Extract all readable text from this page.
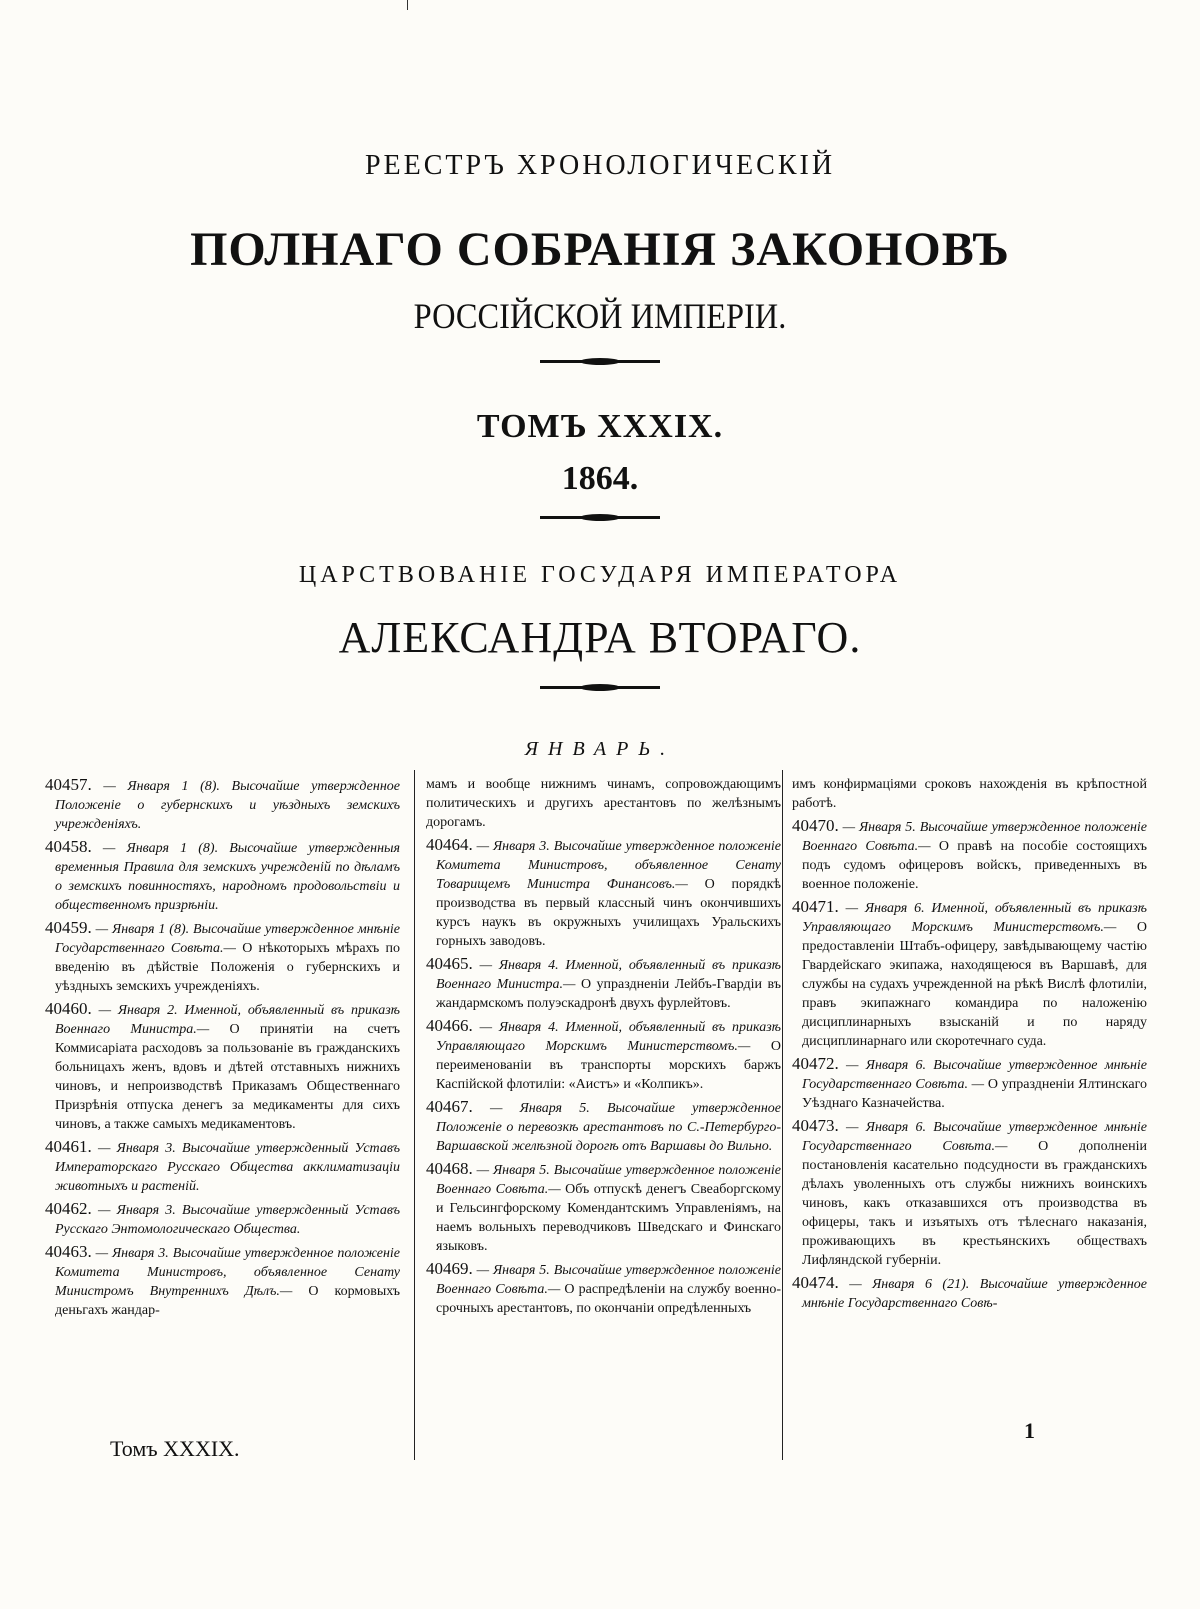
РЕЕСТРЪ ХРОНОЛОГИЧЕСКІЙ
ПОЛНАГО СОБРАНІЯ ЗАКОНОВЪ
РОССІЙСКОЙ ИМПЕРІИ.
ТОМЪ XXXIX.
1864.
ЦАРСТВОВАНІЕ ГОСУДАРЯ ИМПЕРАТОРА
АЛЕКСАНДРА ВТОРАГО.
ЯНВАРЬ.

40457. — Января 1 (8). Высочайше утвержденное Положеніе о губернскихъ и уѣздныхъ земскихъ учрежденіяхъ.

40458. — Января 1 (8). Высочайше утвержденныя временныя Правила для земскихъ учрежденій по дѣламъ о земскихъ повинностяхъ, народномъ продовольствіи и общественномъ призрѣніи.

40459. — Января 1 (8). Высочайше утвержденное мнѣніе Государственнаго Совѣта.— О нѣкоторыхъ мѣрахъ по введенію въ дѣйствіе Положенія о губернскихъ и уѣздныхъ земскихъ учрежденіяхъ.

40460. — Января 2. Именной, объявленный въ приказѣ Военнаго Министра.— О принятіи на счетъ Коммисаріата расходовъ за пользованіе въ гражданскихъ больницахъ женъ, вдовъ и дѣтей отставныхъ нижнихъ чиновъ, и непроизводствѣ Приказамъ Общественнаго Призрѣнія отпуска денегъ за медикаменты для сихъ чиновъ, а также самыхъ медикаментовъ.

40461. — Января 3. Высочайше утвержденный Уставъ Императорскаго Русскаго Общества акклиматизаціи животныхъ и растеній.

40462. — Января 3. Высочайше утвержденный Уставъ Русскаго Энтомологическаго Общества.

40463. — Января 3. Высочайше утвержденное положеніе Комитета Министровъ, объявленное Сенату Министромъ Внутреннихъ Дѣлъ.— О кормовыхъ деньгахъ жандар-

мамъ и вообще нижнимъ чинамъ, сопровождающимъ политическихъ и другихъ арестантовъ по желѣзнымъ дорогамъ.

40464. — Января 3. Высочайше утвержденное положеніе Комитета Министровъ, объявленное Сенату Товарищемъ Министра Финансовъ.— О порядкѣ производства въ первый классный чинъ окончившихъ курсъ наукъ въ окружныхъ училищахъ Уральскихъ горныхъ заводовъ.

40465. — Января 4. Именной, объявленный въ приказѣ Военнаго Министра.— О упраздненіи Лейбъ-Гвардіи въ жандармскомъ полуэскадронѣ двухъ фурлейтовъ.

40466. — Января 4. Именной, объявленный въ приказѣ Управляющаго Морскимъ Министерствомъ.— О переименованіи въ транспорты морскихъ баржъ Каспійской флотиліи: «Аистъ» и «Колпикъ».

40467. — Января 5. Высочайше утвержденное Положеніе о перевозкѣ арестантовъ по С.-Петербурго-Варшавской желѣзной дорогѣ отъ Варшавы до Вильно.

40468. — Января 5. Высочайше утвержденное положеніе Военнаго Совѣта.— Объ отпускѣ денегъ Свеаборгскому и Гельсингфорскому Комендантскимъ Управленіямъ, на наемъ вольныхъ переводчиковъ Шведскаго и Финскаго языковъ.

40469. — Января 5. Высочайше утвержденное положеніе Военнаго Совѣта.— О распредѣленіи на службу военно-срочныхъ арестантовъ, по окончаніи опредѣленныхъ

имъ конфирмаціями сроковъ нахожденія въ крѣпостной работѣ.

40470. — Января 5. Высочайше утвержденное положеніе Военнаго Совѣта.— О правѣ на пособіе состоящихъ подъ судомъ офицеровъ войскъ, приведенныхъ въ военное положеніе.

40471. — Января 6. Именной, объявленный въ приказѣ Управляющаго Морскимъ Министерствомъ.— О предоставленіи Штабъ-офицеру, завѣдывающему частію Гвардейскаго экипажа, находящеюся въ Варшавѣ, для службы на судахъ учрежденной на рѣкѣ Вислѣ флотиліи, правъ экипажнаго командира по наложенію дисциплинарныхъ взысканій и по наряду дисциплинарнаго или скоротечнаго суда.

40472. — Января 6. Высочайше утвержденное мнѣніе Государственнаго Совѣта. — О упраздненіи Ялтинскаго Уѣзднаго Казначейства.

40473. — Января 6. Высочайше утвержденное мнѣніе Государственнаго Совѣта.— О дополненіи постановленія касательно подсудности въ гражданскихъ дѣлахъ уволенныхъ отъ службы нижнихъ воинскихъ чиновъ, какъ отказавшихся отъ производства въ офицеры, такъ и изъятыхъ отъ тѣлеснаго наказанія, проживающихъ въ крестьянскихъ обществахъ Лифляндской губерніи.

40474. — Января 6 (21). Высочайше утвержденное мнѣніе Государственнаго Совѣ-

Томъ XXXIX.
1
